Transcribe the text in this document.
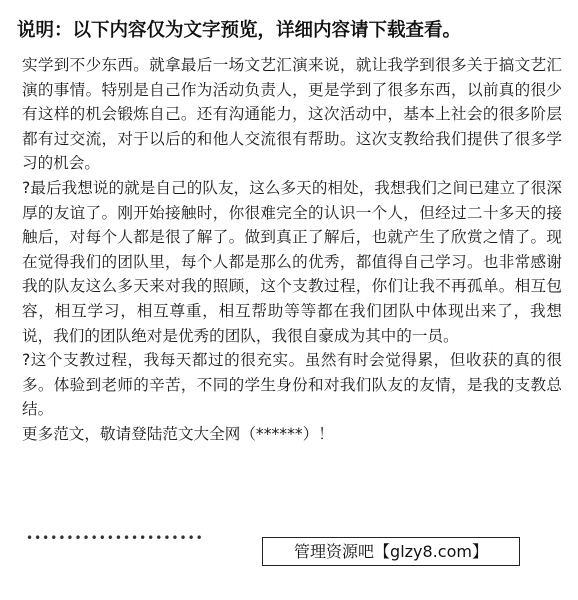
说明：以下内容仅为文字预览，详细内容请下载查看。

实学到不少东西。就拿最后一场文艺汇演来说，就让我学到很多关于搞文艺汇演的事情。特别是自己作为活动负责人，更是学到了很多东西，以前真的很少有这样的机会锻炼自己。还有沟通能力，这次活动中，基本上社会的很多阶层都有过交流，对于以后的和他人交流很有帮助。这次支教给我们提供了很多学习的机会。

?最后我想说的就是自己的队友，这么多天的相处，我想我们之间已建立了很深厚的友谊了。刚开始接触时，你很难完全的认识一个人，但经过二十多天的接触后，对每个人都是很了解了。做到真正了解后，也就产生了欣赏之情了。现在觉得我们的团队里，每个人都是那么的优秀，都值得自己学习。也非常感谢我的队友这么多天来对我的照顾，这个支教过程，你们让我不再孤单。相互包容，相互学习，相互尊重，相互帮助等等都在我们团队中体现出来了，我想说，我们的团队绝对是优秀的团队，我很自豪成为其中的一员。

?这个支教过程，我每天都过的很充实。虽然有时会觉得累，但收获的真的很多。体验到老师的辛苦，不同的学生身份和对我们队友的友情，是我的支教总结。

更多范文，敬请登陆范文大全网（******）！

••••••••••••••••••••••
管理资源吧【glzy8.com】
